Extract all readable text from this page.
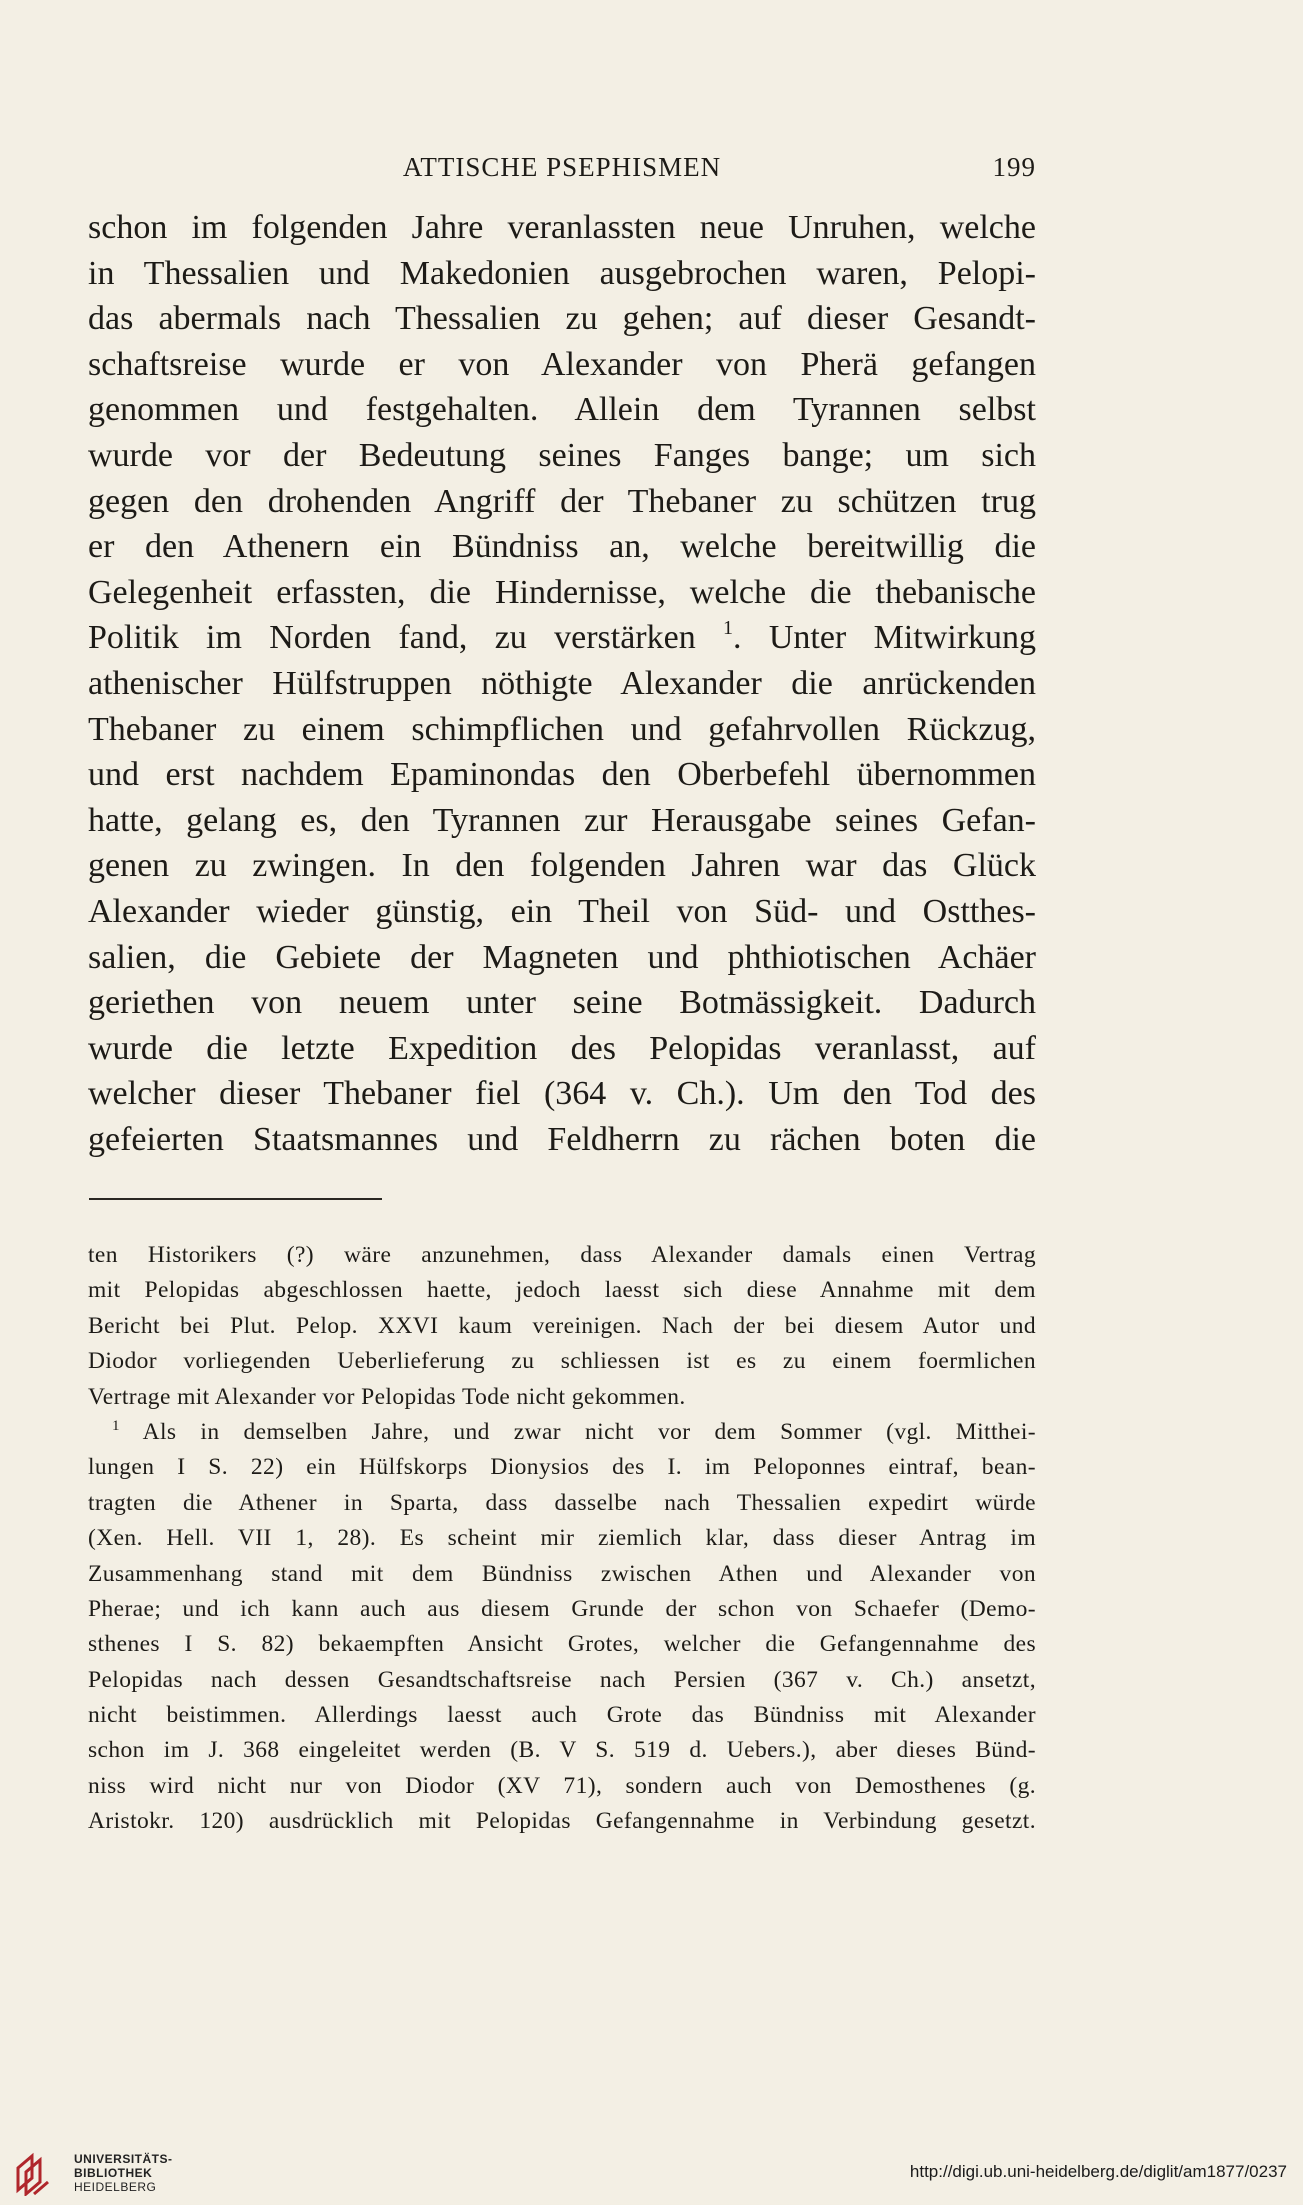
ATTISCHE PSEPHISMEN	199
schon im folgenden Jahre veranlassten neue Unruhen, welche
in Thessalien und Makedonien ausgebrochen waren, Pelopi-
das abermals nach Thessalien zu gehen; auf dieser Gesandt-
schaftsreise wurde er von Alexander von Pherä gefangen
genommen und festgehalten. Allein dem Tyrannen selbst
wurde vor der Bedeutung seines Fanges bange; um sich
gegen den drohenden Angriff der Thebaner zu schützen trug
er den Athenern ein Bündniss an, welche bereitwillig die
Gelegenheit erfassten, die Hindernisse, welche die thebanische
Politik im Norden fand, zu verstärken $^1$. Unter Mitwirkung
athenischer Hülfstruppen nöthigte Alexander die anrückenden
Thebaner zu einem schimpflichen und gefahrvollen Rückzug,
und erst nachdem Epaminondas den Oberbefehl übernommen
hatte, gelang es, den Tyrannen zur Herausgabe seines Gefan-
genen zu zwingen. In den folgenden Jahren war das Glück
Alexander wieder günstig, ein Theil von Süd- und Ostthes-
salien, die Gebiete der Magneten und phthiotischen Achäer
geriethen von neuem unter seine Botmässigkeit. Dadurch
wurde die letzte Expedition des Pelopidas veranlasst, auf
welcher dieser Thebaner fiel (364 v. Ch.). Um den Tod des
gefeierten Staatsmannes und Feldherrn zu rächen boten die
ten Historikers (?) wäre anzunehmen, dass Alexander damals einen Vertrag
mit Pelopidas abgeschlossen haette, jedoch laesst sich diese Annahme mit dem
Bericht bei Plut. Pelop. XXVI kaum vereinigen. Nach der bei diesem Autor und
Diodor vorliegenden Ueberlieferung zu schliessen ist es zu einem foermlichen
Vertrage mit Alexander vor Pelopidas Tode nicht gekommen.
$^1$ Als in demselben Jahre, und zwar nicht vor dem Sommer (vgl. Mitthei-
lungen I S. 22) ein Hülfskorps Dionysios des I. im Peloponnes eintraf, bean-
tragten die Athener in Sparta, dass dasselbe nach Thessalien expedirt würde
(Xen. Hell. VII 1, 28). Es scheint mir ziemlich klar, dass dieser Antrag im
Zusammenhang stand mit dem Bündniss zwischen Athen und Alexander von
Pherae; und ich kann auch aus diesem Grunde der schon von Schaefer (Demo-
sthenes I S. 82) bekaempften Ansicht Grotes, welcher die Gefangennahme des
Pelopidas nach dessen Gesandtschaftsreise nach Persien (367 v. Ch.) ansetzt,
nicht beistimmen. Allerdings laesst auch Grote das Bündniss mit Alexander
schon im J. 368 eingeleitet werden (B. V S. 519 d. Uebers.), aber dieses Bünd-
niss wird nicht nur von Diodor (XV 71), sondern auch von Demosthenes (g.
Aristokr. 120) ausdrücklich mit Pelopidas Gefangennahme in Verbindung gesetzt.
UNIVERSITÄTS-
BIBLIOTHEK
HEIDELBERG
http://digi.ub.uni-heidelberg.de/diglit/am1877/0237
